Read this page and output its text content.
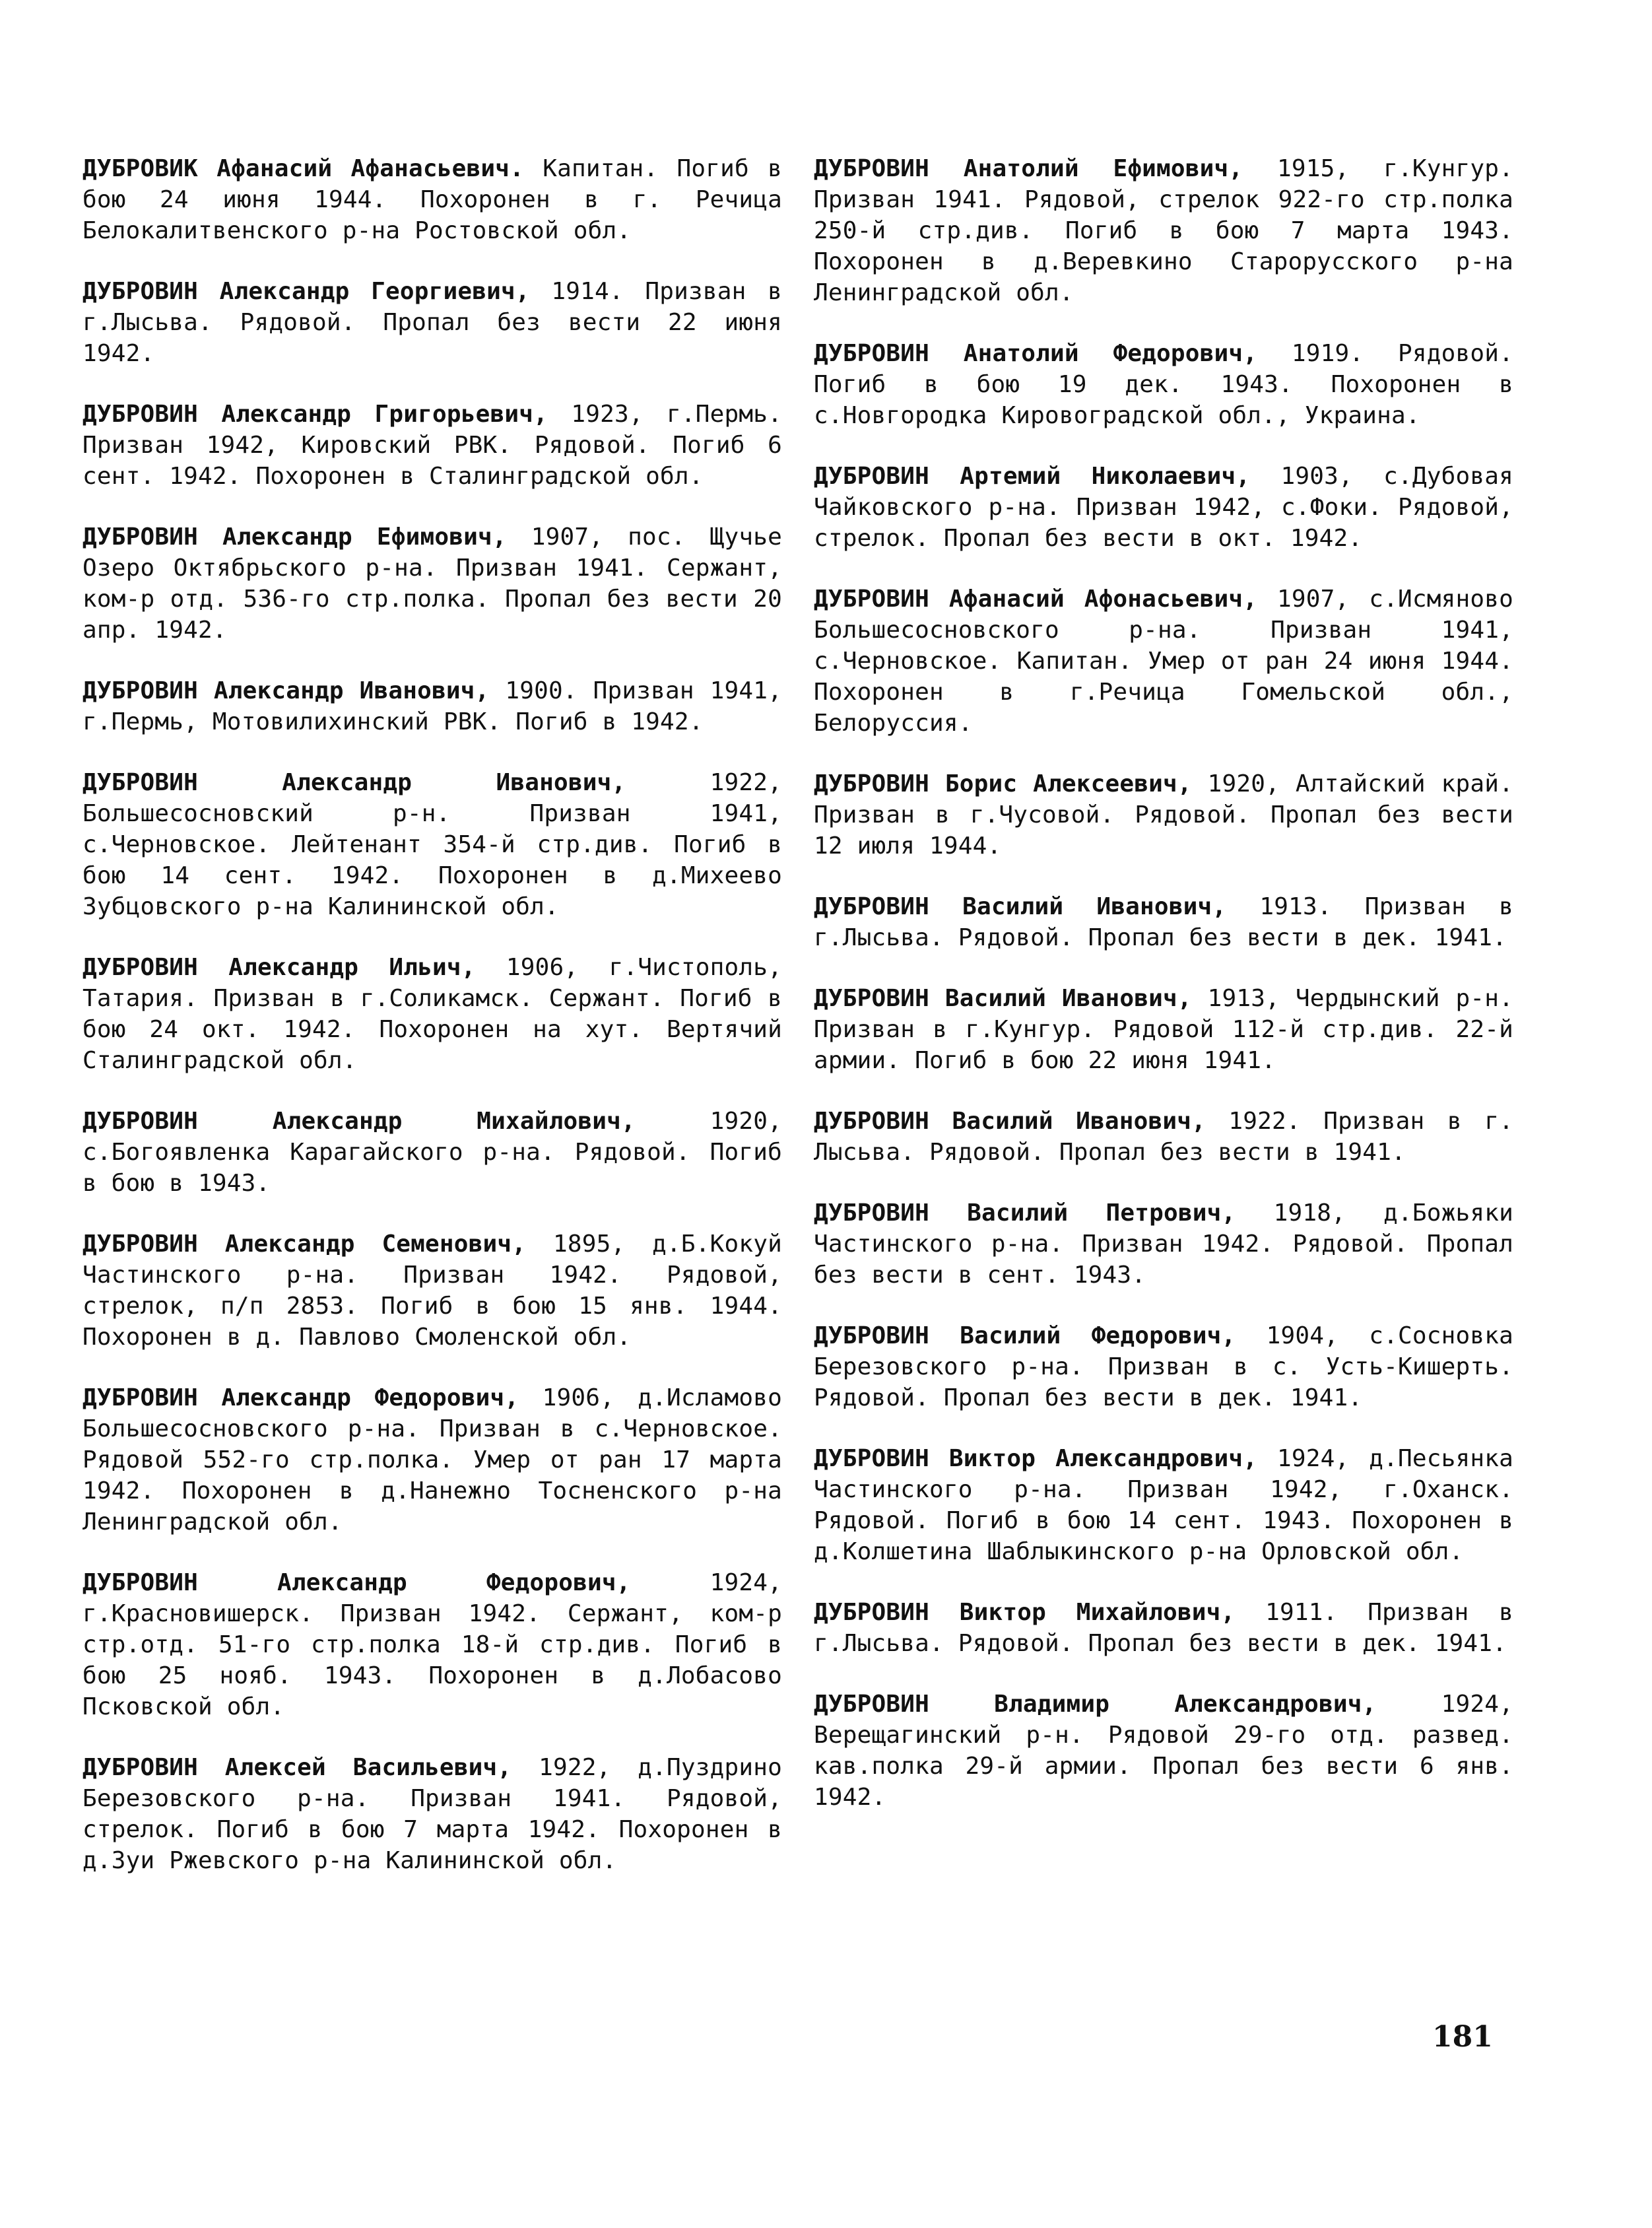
ДУБРОВИК Афанасий Афанасьевич. Капитан. Погиб в бою 24 июня 1944. Похоронен в г. Речица Белокалитвенского р-на Ростовской обл.

ДУБРОВИН Александр Георгиевич, 1914. Призван в г.Лысьва. Рядовой. Пропал без вести 22 июня 1942.

ДУБРОВИН Александр Григорьевич, 1923, г.Пермь. Призван 1942, Кировский РВК. Рядовой. Погиб 6 сент. 1942. Похоронен в Сталинградской обл.

ДУБРОВИН Александр Ефимович, 1907, пос. Щучье Озеро Октябрьского р-на. Призван 1941. Сержант, ком-р отд. 536-го стр.полка. Пропал без вести 20 апр. 1942.

ДУБРОВИН Александр Иванович, 1900. Призван 1941, г.Пермь, Мотовилихинский РВК. Погиб в 1942.

ДУБРОВИН Александр Иванович, 1922, Большесосновский р-н. Призван 1941, с.Черновское. Лейтенант 354-й стр.див. Погиб в бою 14 сент. 1942. Похоронен в д.Михеево Зубцовского р-на Калининской обл.

ДУБРОВИН Александр Ильич, 1906, г.Чистополь, Татария. Призван в г.Соликамск. Сержант. Погиб в бою 24 окт. 1942. Похоронен на хут. Вертячий Сталинградской обл.

ДУБРОВИН Александр Михайлович, 1920, с.Богоявленка Карагайского р-на. Рядовой. Погиб в бою в 1943.

ДУБРОВИН Александр Семенович, 1895, д.Б.Кокуй Частинского р-на. Призван 1942. Рядовой, стрелок, п/п 2853. Погиб в бою 15 янв. 1944. Похоронен в д. Павлово Смоленской обл.

ДУБРОВИН Александр Федорович, 1906, д.Исламово Большесосновского р-на. Призван в с.Черновское. Рядовой 552-го стр.полка. Умер от ран 17 марта 1942. Похоронен в д.Нанежно Тосненского р-на Ленинградской обл.

ДУБРОВИН Александр Федорович, 1924, г.Красновишерск. Призван 1942. Сержант, ком-р стр.отд. 51-го стр.полка 18-й стр.див. Погиб в бою 25 нояб. 1943. Похоронен в д.Лобасово Псковской обл.

ДУБРОВИН Алексей Васильевич, 1922, д.Пуздрино Березовского р-на. Призван 1941. Рядовой, стрелок. Погиб в бою 7 марта 1942. Похоронен в д.Зуи Ржевского р-на Калининской обл.

ДУБРОВИН Анатолий Ефимович, 1915, г.Кунгур. Призван 1941. Рядовой, стрелок 922-го стр.полка 250-й стр.див. Погиб в бою 7 марта 1943. Похоронен в д.Веревкино Старорусского р-на Ленинградской обл.

ДУБРОВИН Анатолий Федорович, 1919. Рядовой. Погиб в бою 19 дек. 1943. Похоронен в с.Новгородка Кировоградской обл., Украина.

ДУБРОВИН Артемий Николаевич, 1903, с.Дубовая Чайковского р-на. Призван 1942, с.Фоки. Рядовой, стрелок. Пропал без вести в окт. 1942.

ДУБРОВИН Афанасий Афонасьевич, 1907, с.Исмяново Большесосновского р-на. Призван 1941, с.Черновское. Капитан. Умер от ран 24 июня 1944. Похоронен в г.Речица Гомельской обл., Белоруссия.

ДУБРОВИН Борис Алексеевич, 1920, Алтайский край. Призван в г.Чусовой. Рядовой. Пропал без вести 12 июля 1944.

ДУБРОВИН Василий Иванович, 1913. Призван в г.Лысьва. Рядовой. Пропал без вести в дек. 1941.

ДУБРОВИН Василий Иванович, 1913, Чердынский р-н. Призван в г.Кунгур. Рядовой 112-й стр.див. 22-й армии. Погиб в бою 22 июня 1941.

ДУБРОВИН Василий Иванович, 1922. Призван в г. Лысьва. Рядовой. Пропал без вести в 1941.

ДУБРОВИН Василий Петрович, 1918, д.Божьяки Частинского р-на. Призван 1942. Рядовой. Пропал без вести в сент. 1943.

ДУБРОВИН Василий Федорович, 1904, с.Сосновка Березовского р-на. Призван в с. Усть-Кишерть. Рядовой. Пропал без вести в дек. 1941.

ДУБРОВИН Виктор Александрович, 1924, д.Песьянка Частинского р-на. Призван 1942, г.Оханск. Рядовой. Погиб в бою 14 сент. 1943. Похоронен в д.Колшетина Шаблыкинского р-на Орловской обл.

ДУБРОВИН Виктор Михайлович, 1911. Призван в г.Лысьва. Рядовой. Пропал без вести в дек. 1941.

ДУБРОВИН Владимир Александрович, 1924, Верещагинский р-н. Рядовой 29-го отд. развед. кав.полка 29-й армии. Пропал без вести 6 янв. 1942.

181
